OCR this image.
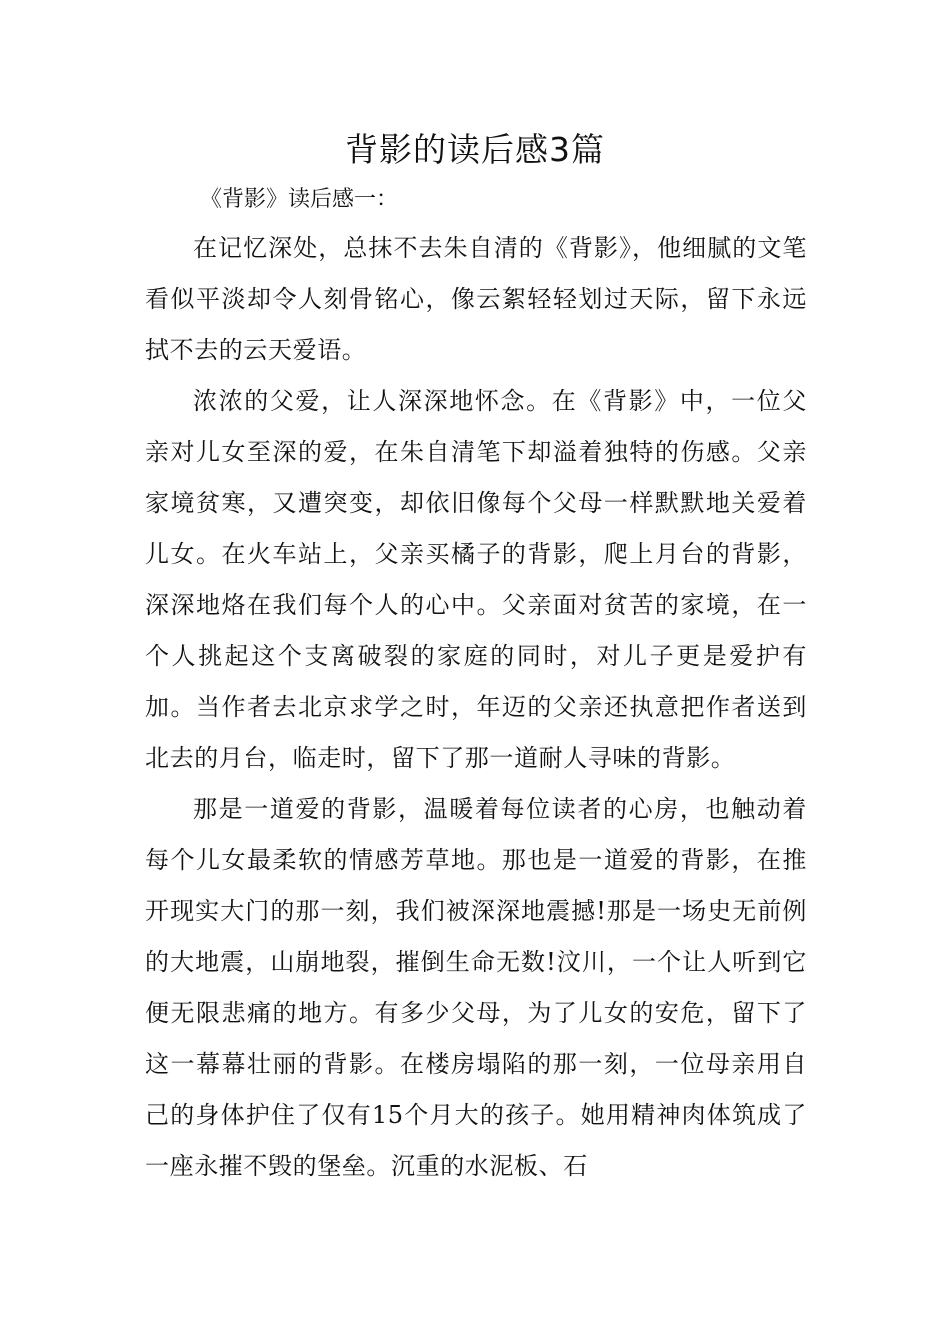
背影的读后感3篇

《背影》读后感一：

在记忆深处，总抹不去朱自清的《背影》，他细腻的文笔看似平淡却令人刻骨铭心，像云絮轻轻划过天际，留下永远拭不去的云天爱语。

浓浓的父爱，让人深深地怀念。在《背影》中，一位父亲对儿女至深的爱，在朱自清笔下却溢着独特的伤感。父亲家境贫寒，又遭突变，却依旧像每个父母一样默默地关爱着儿女。在火车站上，父亲买橘子的背影，爬上月台的背影，深深地烙在我们每个人的心中。父亲面对贫苦的家境，在一个人挑起这个支离破裂的家庭的同时，对儿子更是爱护有加。当作者去北京求学之时，年迈的父亲还执意把作者送到北去的月台，临走时，留下了那一道耐人寻味的背影。

那是一道爱的背影，温暖着每位读者的心房，也触动着每个儿女最柔软的情感芳草地。那也是一道爱的背影，在推开现实大门的那一刻，我们被深深地震撼!那是一场史无前例的大地震，山崩地裂，摧倒生命无数!汶川，一个让人听到它便无限悲痛的地方。有多少父母，为了儿女的安危，留下了这一幕幕壮丽的背影。在楼房塌陷的那一刻，一位母亲用自己的身体护住了仅有15个月大的孩子。她用精神肉体筑成了一座永摧不毁的堡垒。沉重的水泥板、石
